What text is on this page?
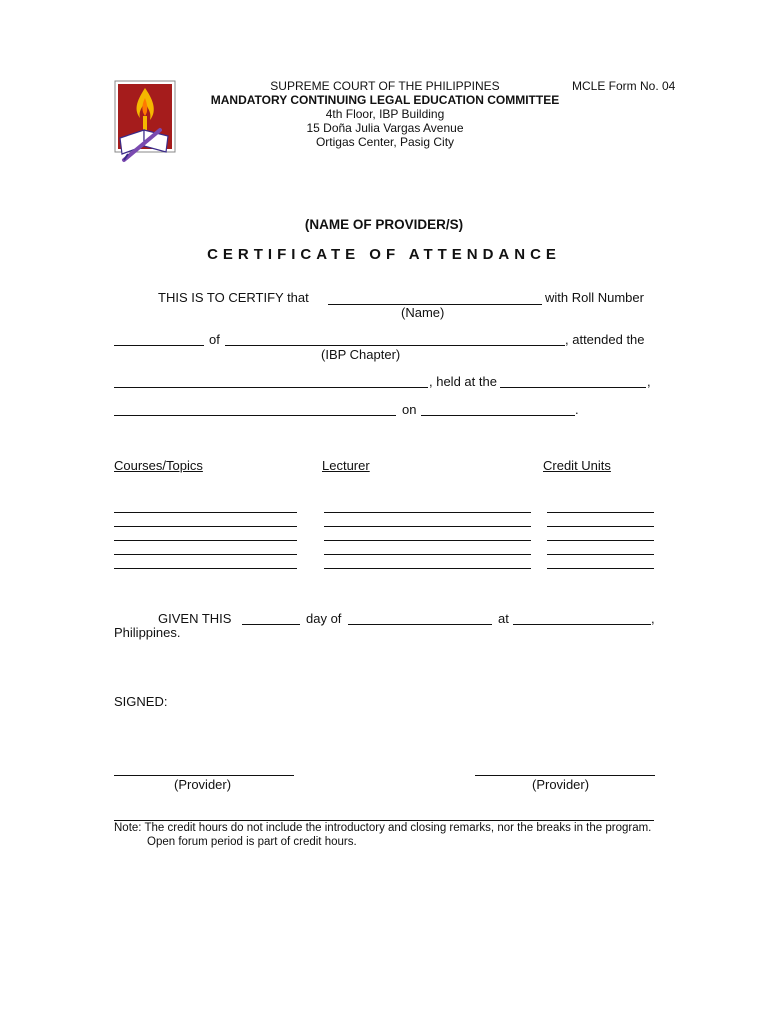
SUPREME COURT OF THE PHILIPPINES
MANDATORY CONTINUING LEGAL EDUCATION COMMITTEE
4th Floor, IBP Building
15 Doña Julia Vargas Avenue
Ortigas Center, Pasig City
MCLE Form No. 04
(NAME OF PROVIDER/S)
CERTIFICATE OF ATTENDANCE
THIS IS TO CERTIFY that	with Roll Number
(Name)
of	, attended the
(IBP Chapter)
, held at the	,
on	.
Courses/Topics	Lecturer	Credit Units
GIVEN THIS	day of	at	,
Philippines.
SIGNED:
(Provider)	(Provider)
Note: The credit hours do not include the introductory and closing remarks, nor the breaks in the program.
Open forum period is part of credit hours.
